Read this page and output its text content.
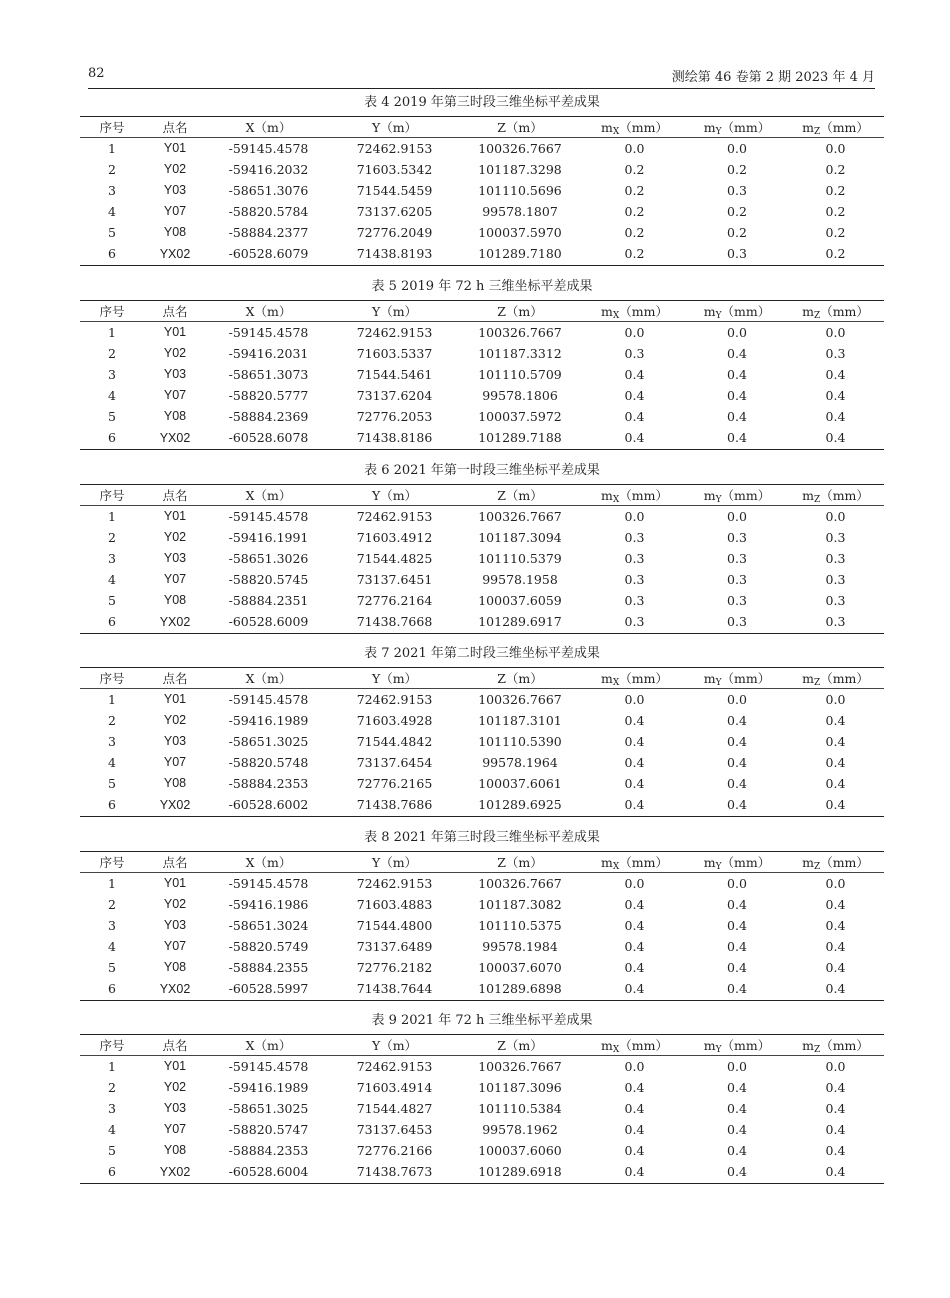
82	测绘第 46 卷第 2 期 2023 年 4 月
表 4 2019 年第三时段三维坐标平差成果
序号	点名	X（m）	Y（m）	Z（m）	$m_X(mm)$	$m_Y(mm)$	$m_Z(mm)$
1	Y01	-59145.4578	72462.9153	100326.7667	0.0	0.0	0.0
2	Y02	-59416.2032	71603.5342	101187.3298	0.2	0.2	0.2
3	Y03	-58651.3076	71544.5459	101110.5696	0.2	0.3	0.2
4	Y07	-58820.5784	73137.6205	99578.1807	0.2	0.2	0.2
5	Y08	-58884.2377	72776.2049	100037.5970	0.2	0.2	0.2
6	YX02	-60528.6079	71438.8193	101289.7180	0.2	0.3	0.2
表 5 2019 年 72 h 三维坐标平差成果
序号	点名	X（m）	Y（m）	Z（m）	$m_X(mm)$	$m_Y(mm)$	$m_Z(mm)$
1	Y01	-59145.4578	72462.9153	100326.7667	0.0	0.0	0.0
2	Y02	-59416.2031	71603.5337	101187.3312	0.3	0.4	0.3
3	Y03	-58651.3073	71544.5461	101110.5709	0.4	0.4	0.4
4	Y07	-58820.5777	73137.6204	99578.1806	0.4	0.4	0.4
5	Y08	-58884.2369	72776.2053	100037.5972	0.4	0.4	0.4
6	YX02	-60528.6078	71438.8186	101289.7188	0.4	0.4	0.4
表 6 2021 年第一时段三维坐标平差成果
序号	点名	X（m）	Y（m）	Z（m）	$m_X(mm)$	$m_Y(mm)$	$m_Z(mm)$
1	Y01	-59145.4578	72462.9153	100326.7667	0.0	0.0	0.0
2	Y02	-59416.1991	71603.4912	101187.3094	0.3	0.3	0.3
3	Y03	-58651.3026	71544.4825	101110.5379	0.3	0.3	0.3
4	Y07	-58820.5745	73137.6451	99578.1958	0.3	0.3	0.3
5	Y08	-58884.2351	72776.2164	100037.6059	0.3	0.3	0.3
6	YX02	-60528.6009	71438.7668	101289.6917	0.3	0.3	0.3
表 7 2021 年第二时段三维坐标平差成果
序号	点名	X（m）	Y（m）	Z（m）	$m_X(mm)$	$m_Y(mm)$	$m_Z(mm)$
1	Y01	-59145.4578	72462.9153	100326.7667	0.0	0.0	0.0
2	Y02	-59416.1989	71603.4928	101187.3101	0.4	0.4	0.4
3	Y03	-58651.3025	71544.4842	101110.5390	0.4	0.4	0.4
4	Y07	-58820.5748	73137.6454	99578.1964	0.4	0.4	0.4
5	Y08	-58884.2353	72776.2165	100037.6061	0.4	0.4	0.4
6	YX02	-60528.6002	71438.7686	101289.6925	0.4	0.4	0.4
表 8 2021 年第三时段三维坐标平差成果
序号	点名	X（m）	Y（m）	Z（m）	$m_X(mm)$	$m_Y(mm)$	$m_Z(mm)$
1	Y01	-59145.4578	72462.9153	100326.7667	0.0	0.0	0.0
2	Y02	-59416.1986	71603.4883	101187.3082	0.4	0.4	0.4
3	Y03	-58651.3024	71544.4800	101110.5375	0.4	0.4	0.4
4	Y07	-58820.5749	73137.6489	99578.1984	0.4	0.4	0.4
5	Y08	-58884.2355	72776.2182	100037.6070	0.4	0.4	0.4
6	YX02	-60528.5997	71438.7644	101289.6898	0.4	0.4	0.4
表 9 2021 年 72 h 三维坐标平差成果
序号	点名	X（m）	Y（m）	Z（m）	$m_X(mm)$	$m_Y(mm)$	$m_Z(mm)$
1	Y01	-59145.4578	72462.9153	100326.7667	0.0	0.0	0.0
2	Y02	-59416.1989	71603.4914	101187.3096	0.4	0.4	0.4
3	Y03	-58651.3025	71544.4827	101110.5384	0.4	0.4	0.4
4	Y07	-58820.5747	73137.6453	99578.1962	0.4	0.4	0.4
5	Y08	-58884.2353	72776.2166	100037.6060	0.4	0.4	0.4
6	YX02	-60528.6004	71438.7673	101289.6918	0.4	0.4	0.4
